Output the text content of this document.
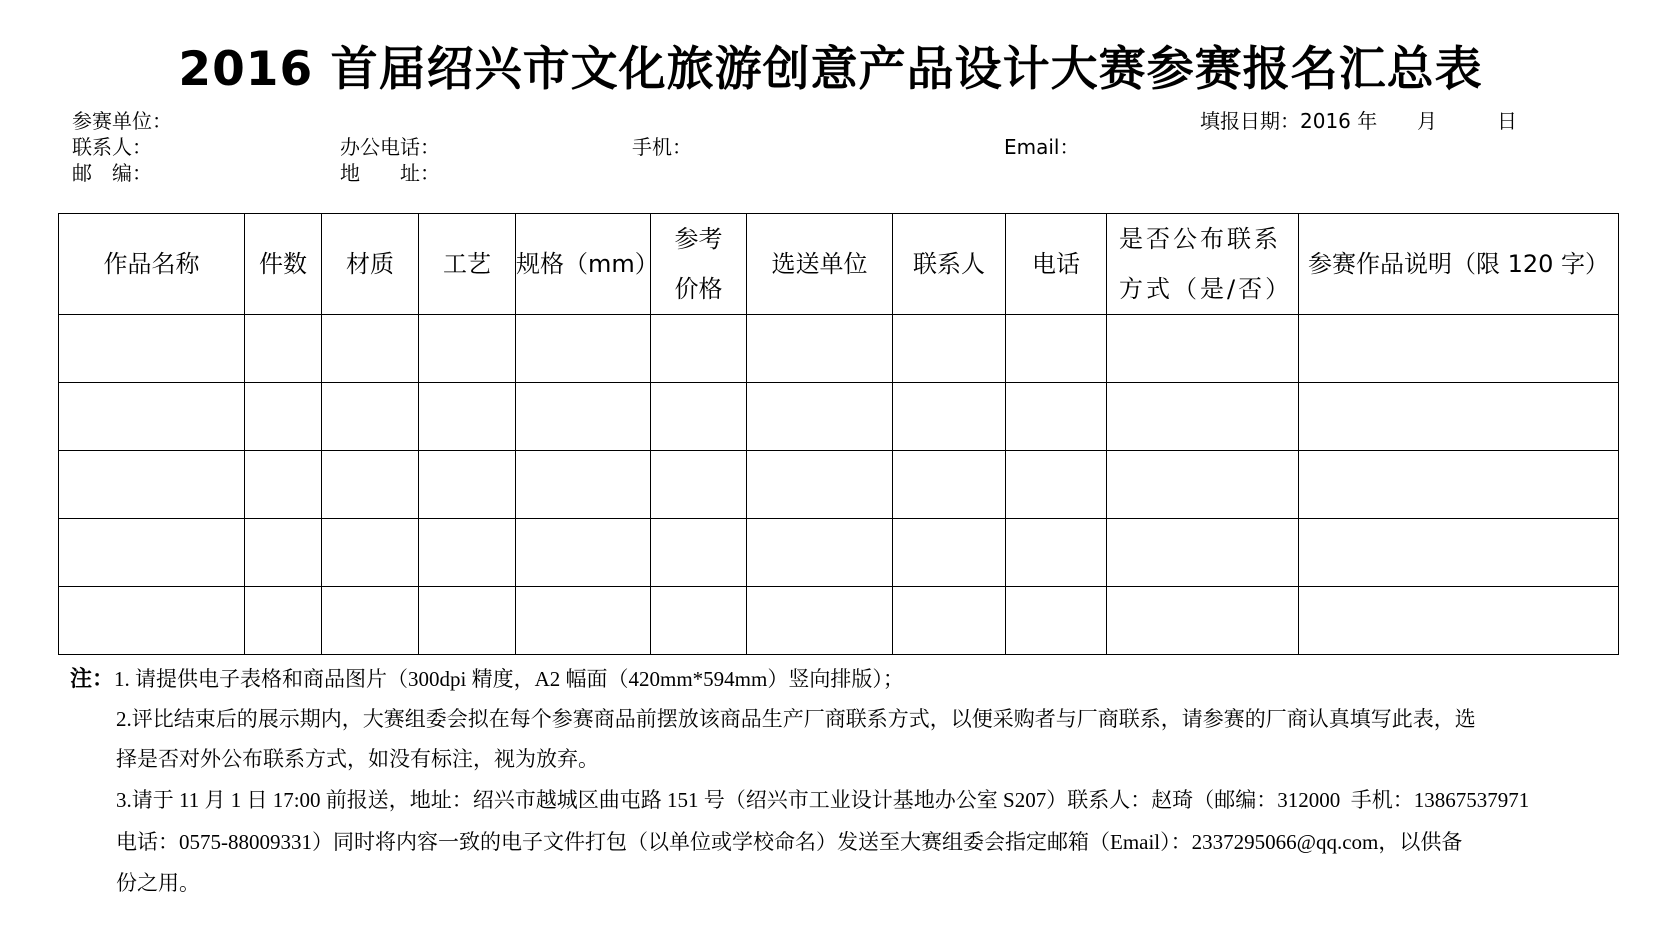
2016 首届绍兴市文化旅游创意产品设计大赛参赛报名汇总表
参赛单位：	填报日期：2016 年 月	日
联系人：	办公电话：	手机：	Email：
邮　编：	地　　址：
作品名称	件数	材质	工艺	规格（mm）	参考
价格	选送单位	联系人	电话	是否公布联系
方式（是/否）	参赛作品说明（限 120 字）

注：1. 请提供电子表格和商品图片（300dpi 精度，A2 幅面（420mm*594mm）竖向排版）；
2.评比结束后的展示期内，大赛组委会拟在每个参赛商品前摆放该商品生产厂商联系方式，以便采购者与厂商联系，请参赛的厂商认真填写此表，选
择是否对外公布联系方式，如没有标注，视为放弃。
3.请于 11 月 1 日 17:00 前报送，地址：绍兴市越城区曲屯路 151 号（绍兴市工业设计基地办公室 S207）联系人：赵琦（邮编：312000  手机：13867537971
电话：0575-88009331）同时将内容一致的电子文件打包（以单位或学校命名）发送至大赛组委会指定邮箱（Email）：2337295066@qq.com，以供备
份之用。
